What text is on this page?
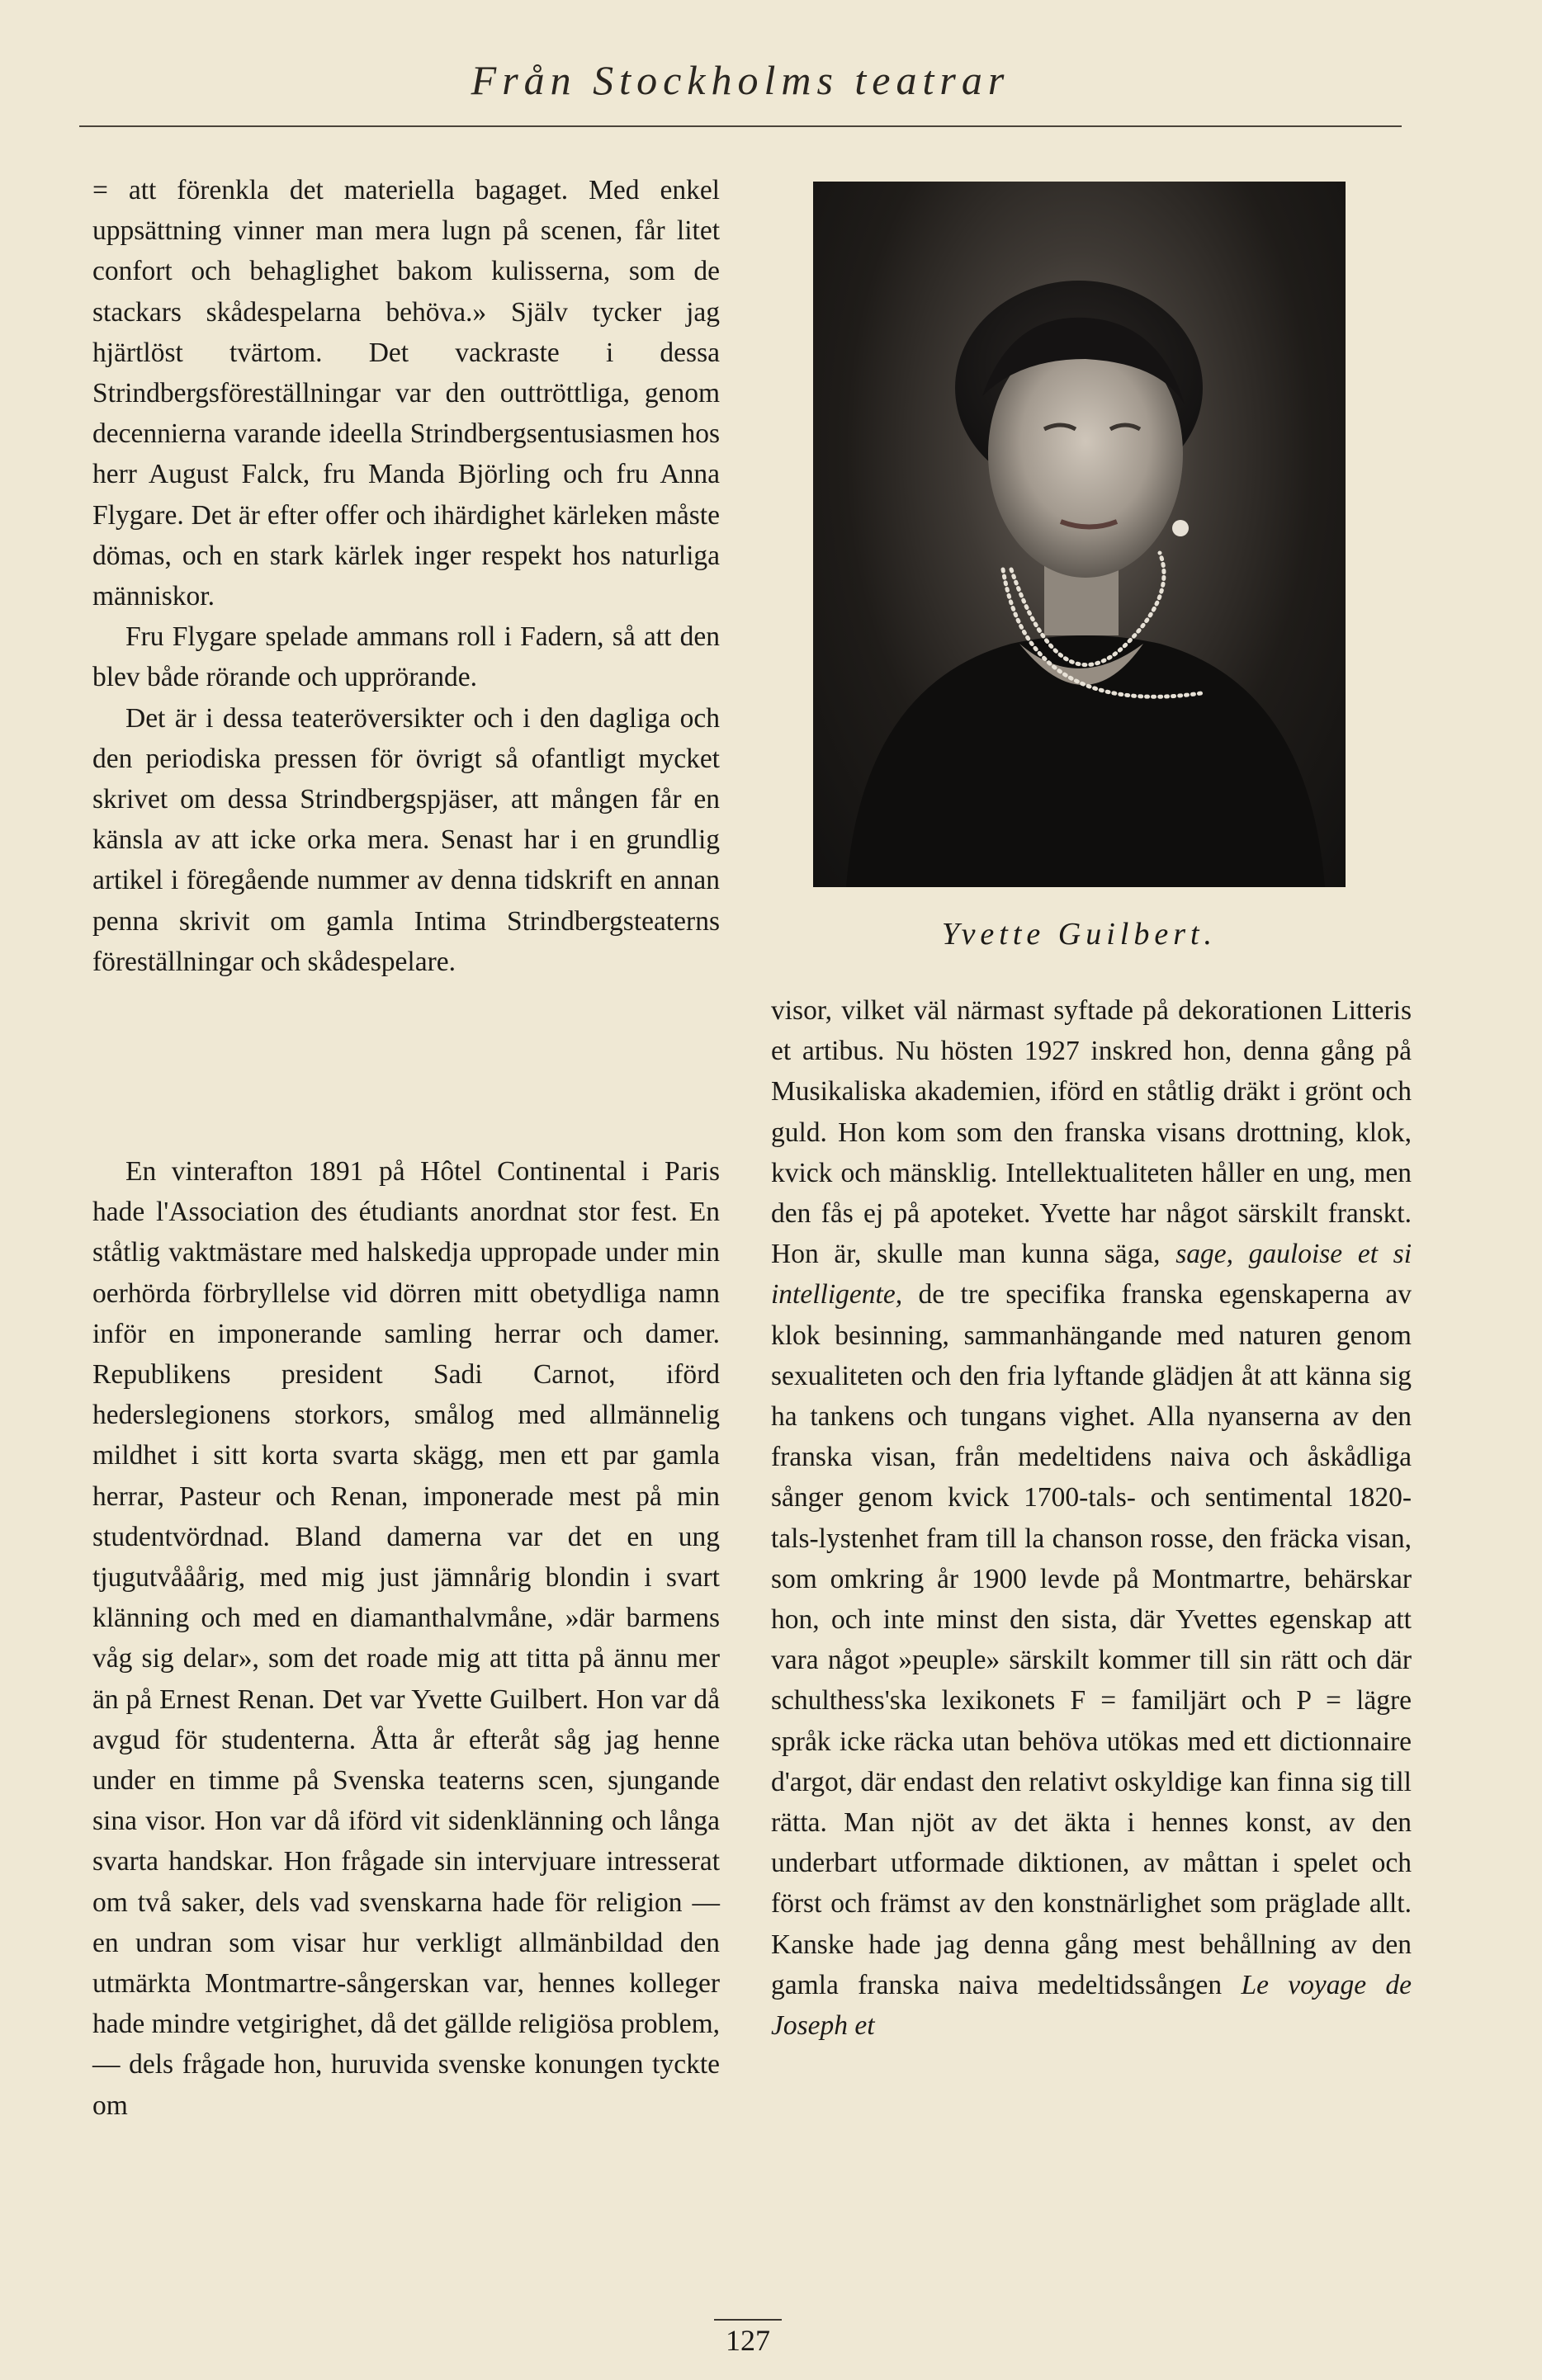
Från Stockholms teatrar

= att förenkla det materiella bagaget. Med enkel uppsättning vinner man mera lugn på scenen, får litet confort och behaglighet bakom kulisserna, som de stackars skådespelarna behöva.» Själv tycker jag hjärtlöst tvärtom. Det vackraste i dessa Strindbergsföreställningar var den outtröttliga, genom decennierna varande ideella Strindbergsentusiasmen hos herr August Falck, fru Manda Björling och fru Anna Flygare. Det är efter offer och ihärdighet kärleken måste dömas, och en stark kärlek inger respekt hos naturliga människor.

Fru Flygare spelade ammans roll i Fadern, så att den blev både rörande och upprörande.

Det är i dessa teateröversikter och i den dagliga och den periodiska pressen för övrigt så ofantligt mycket skrivet om dessa Strindbergspjäser, att mången får en känsla av att icke orka mera. Senast har i en grundlig artikel i föregående nummer av denna tidskrift en annan penna skrivit om gamla Intima Strindbergsteaterns föreställningar och skådespelare.

En vinterafton 1891 på Hôtel Continental i Paris hade l'Association des étudiants anordnat stor fest. En ståtlig vaktmästare med halskedja uppropade under min oerhörda förbryllelse vid dörren mitt obetydliga namn inför en imponerande samling herrar och damer. Republikens president Sadi Carnot, iförd hederslegionens storkors, smålog med allmännelig mildhet i sitt korta svarta skägg, men ett par gamla herrar, Pasteur och Renan, imponerade mest på min studentvördnad. Bland damerna var det en ung tjugutvååårig, med mig just jämnårig blondin i svart klänning och med en diamanthalvmåne, »där barmens våg sig delar», som det roade mig att titta på ännu mer än på Ernest Renan. Det var Yvette Guilbert. Hon var då avgud för studenterna. Åtta år efteråt såg jag henne under en timme på Svenska teaterns scen, sjungande sina visor. Hon var då iförd vit sidenklänning och långa svarta handskar. Hon frågade sin intervjuare intresserat om två saker, dels vad svenskarna hade för religion — en undran som visar hur verkligt allmänbildad den utmärkta Montmartre-sångerskan var, hennes kolleger hade mindre vetgirighet, då det gällde religiösa problem, — dels frågade hon, huruvida svenske konungen tyckte om

Yvette Guilbert.

visor, vilket väl närmast syftade på dekorationen Litteris et artibus. Nu hösten 1927 inskred hon, denna gång på Musikaliska akademien, iförd en ståtlig dräkt i grönt och guld. Hon kom som den franska visans drottning, klok, kvick och mänsklig. Intellektualiteten håller en ung, men den fås ej på apoteket. Yvette har något särskilt franskt. Hon är, skulle man kunna säga, sage, gauloise et si intelligente, de tre specifika franska egenskaperna av klok besinning, sammanhängande med naturen genom sexualiteten och den fria lyftande glädjen åt att känna sig ha tankens och tungans vighet. Alla nyanserna av den franska visan, från medeltidens naiva och åskådliga sånger genom kvick 1700-tals- och sentimental 1820-tals-lystenhet fram till la chanson rosse, den fräcka visan, som omkring år 1900 levde på Montmartre, behärskar hon, och inte minst den sista, där Yvettes egenskap att vara något »peuple» särskilt kommer till sin rätt och där schulthess'ska lexikonets F = familjärt och P = lägre språk icke räcka utan behöva utökas med ett dictionnaire d'argot, där endast den relativt oskyldige kan finna sig till rätta. Man njöt av det äkta i hennes konst, av den underbart utformade diktionen, av måttan i spelet och först och främst av den konstnärlighet som präglade allt. Kanske hade jag denna gång mest behållning av den gamla franska naiva medeltidssången Le voyage de Joseph et

127
